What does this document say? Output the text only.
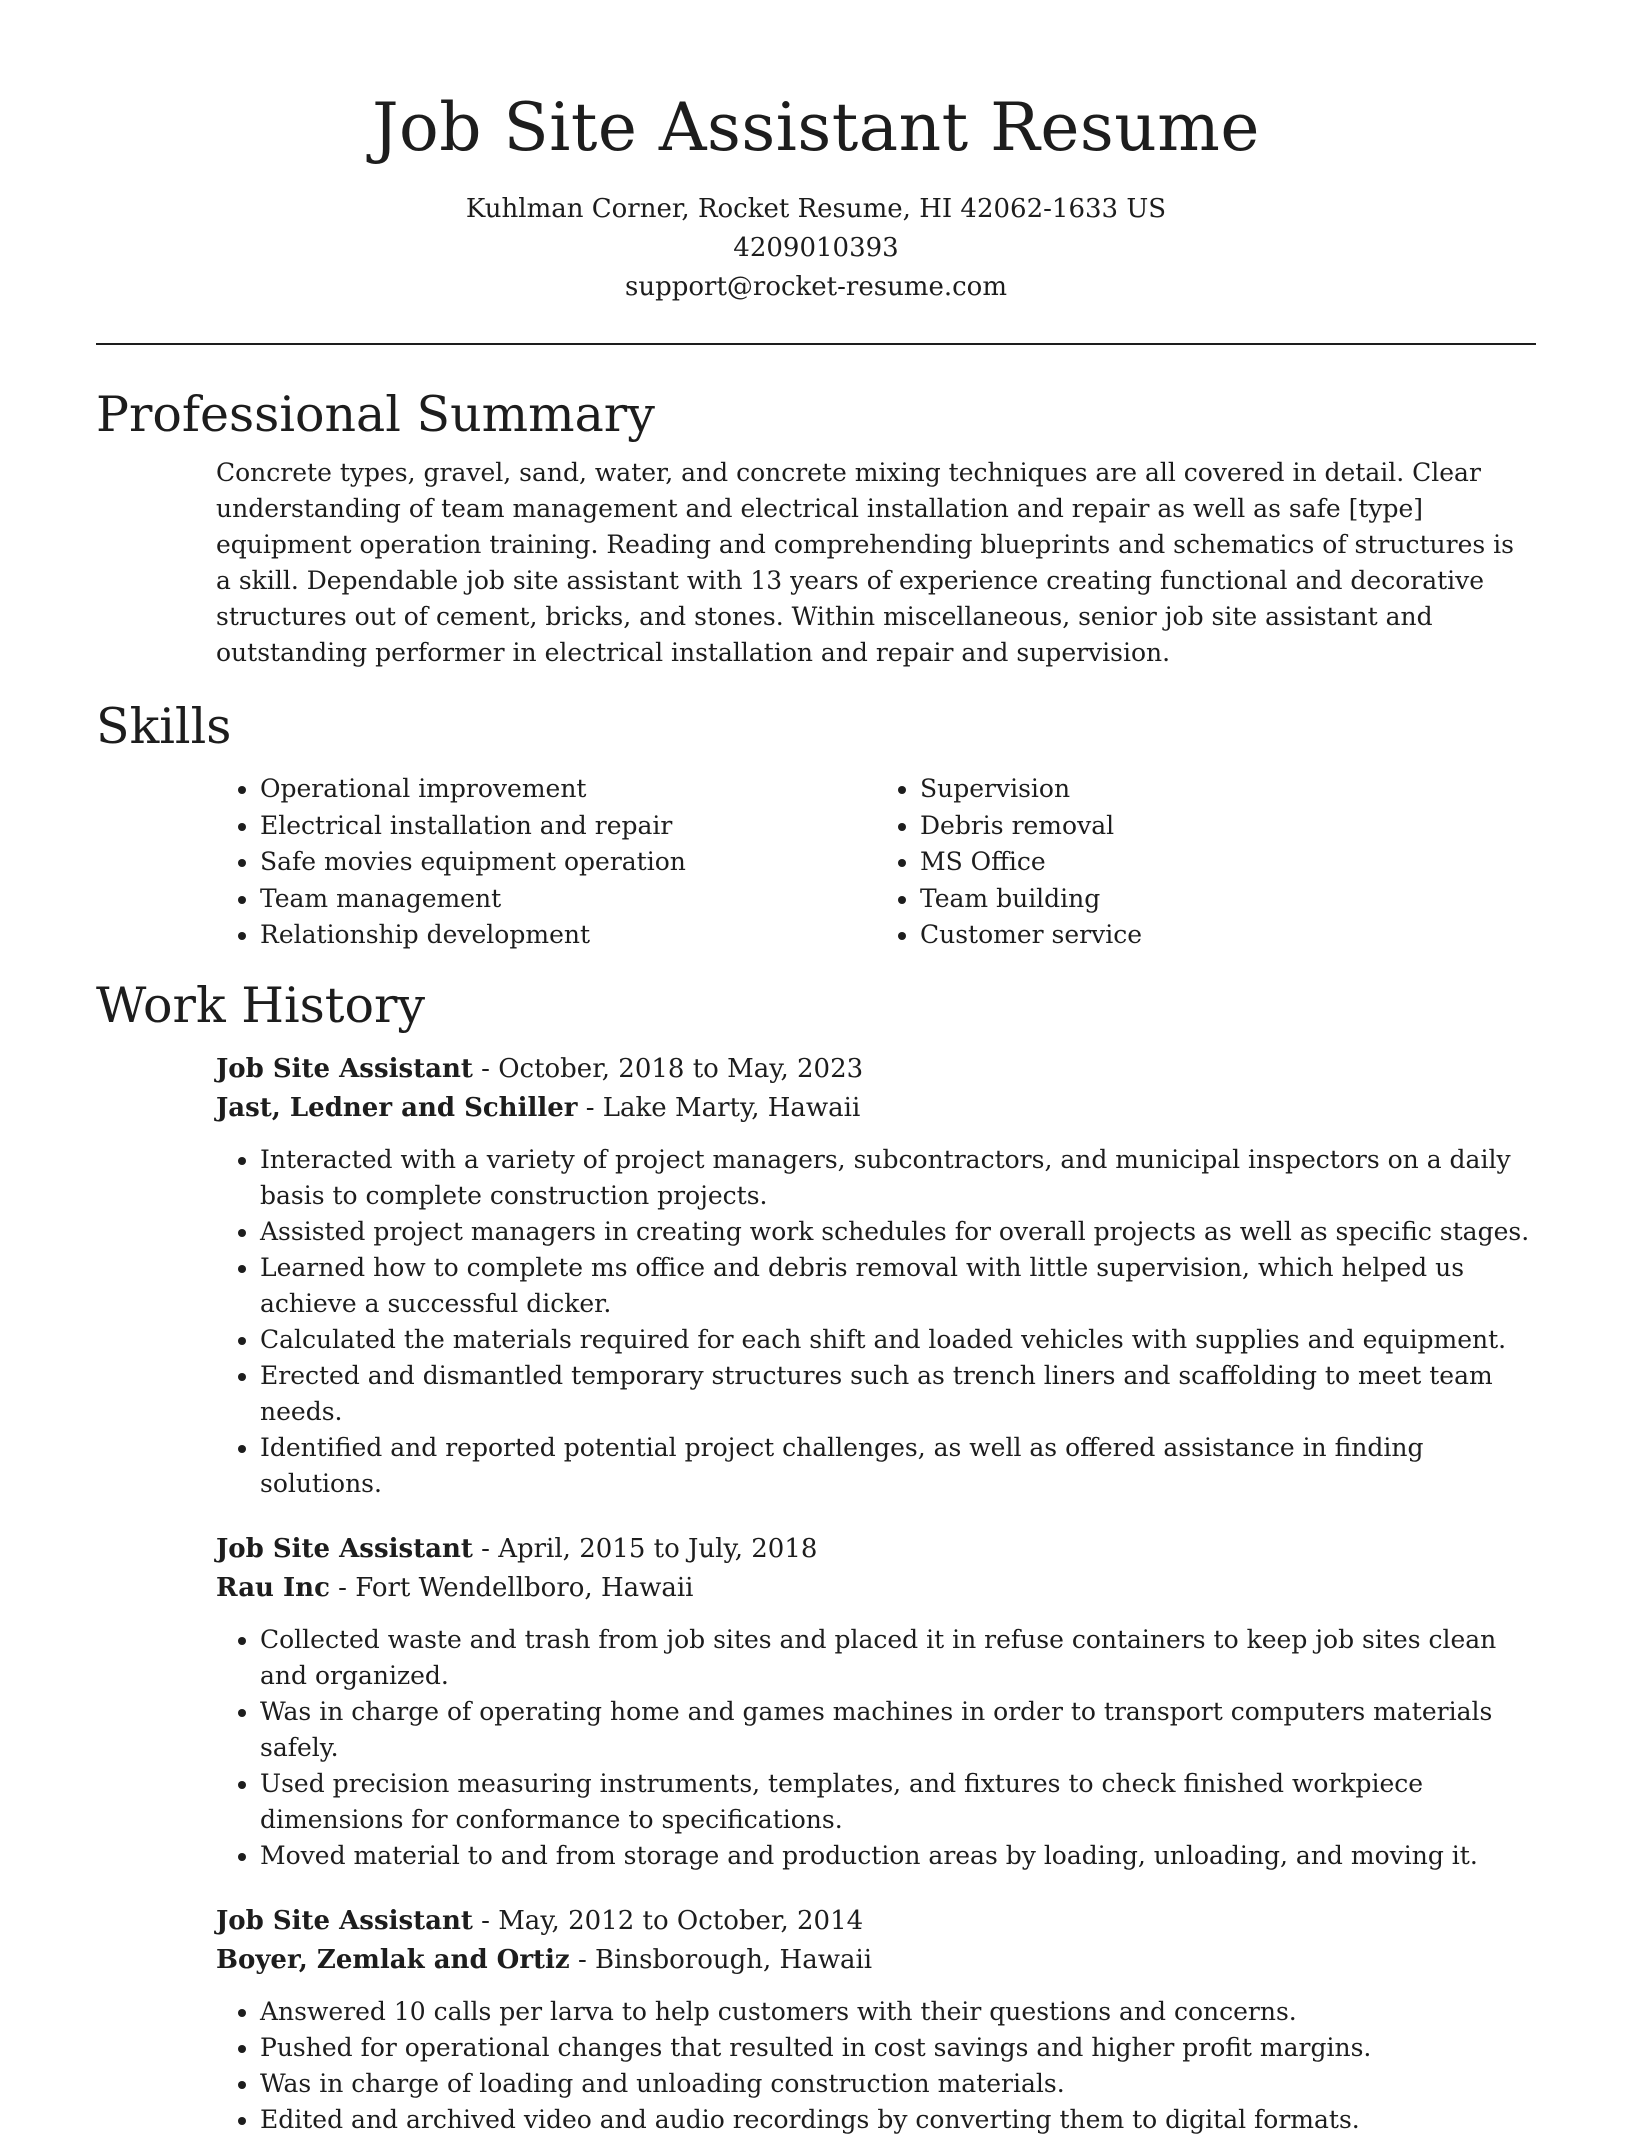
Job Site Assistant Resume
Kuhlman Corner, Rocket Resume, HI 42062-1633 US
4209010393
support@rocket-resume.com
Professional Summary

Concrete types, gravel, sand, water, and concrete mixing techniques are all covered in detail. Clear understanding of team management and electrical installation and repair as well as safe [type] equipment operation training. Reading and comprehending blueprints and schematics of structures is a skill. Dependable job site assistant with 13 years of experience creating functional and decorative structures out of cement, bricks, and stones. Within miscellaneous, senior job site assistant and outstanding performer in electrical installation and repair and supervision.

Skills
• Operational improvement
• Electrical installation and repair
• Safe movies equipment operation
• Team management
• Relationship development
• Supervision
• Debris removal
• MS Office
• Team building
• Customer service
Work History
Job Site Assistant - October, 2018 to May, 2023
Jast, Ledner and Schiller - Lake Marty, Hawaii
• Interacted with a variety of project managers, subcontractors, and municipal inspectors on a daily basis to complete construction projects.
• Assisted project managers in creating work schedules for overall projects as well as specific stages.
• Learned how to complete ms office and debris removal with little supervision, which helped us achieve a successful dicker.
• Calculated the materials required for each shift and loaded vehicles with supplies and equipment.
• Erected and dismantled temporary structures such as trench liners and scaffolding to meet team needs.
• Identified and reported potential project challenges, as well as offered assistance in finding solutions.
Job Site Assistant - April, 2015 to July, 2018
Rau Inc - Fort Wendellboro, Hawaii
• Collected waste and trash from job sites and placed it in refuse containers to keep job sites clean and organized.
• Was in charge of operating home and games machines in order to transport computers materials safely.
• Used precision measuring instruments, templates, and fixtures to check finished workpiece dimensions for conformance to specifications.
• Moved material to and from storage and production areas by loading, unloading, and moving it.
Job Site Assistant - May, 2012 to October, 2014
Boyer, Zemlak and Ortiz - Binsborough, Hawaii
• Answered 10 calls per larva to help customers with their questions and concerns.
• Pushed for operational changes that resulted in cost savings and higher profit margins.
• Was in charge of loading and unloading construction materials.
• Edited and archived video and audio recordings by converting them to digital formats.
